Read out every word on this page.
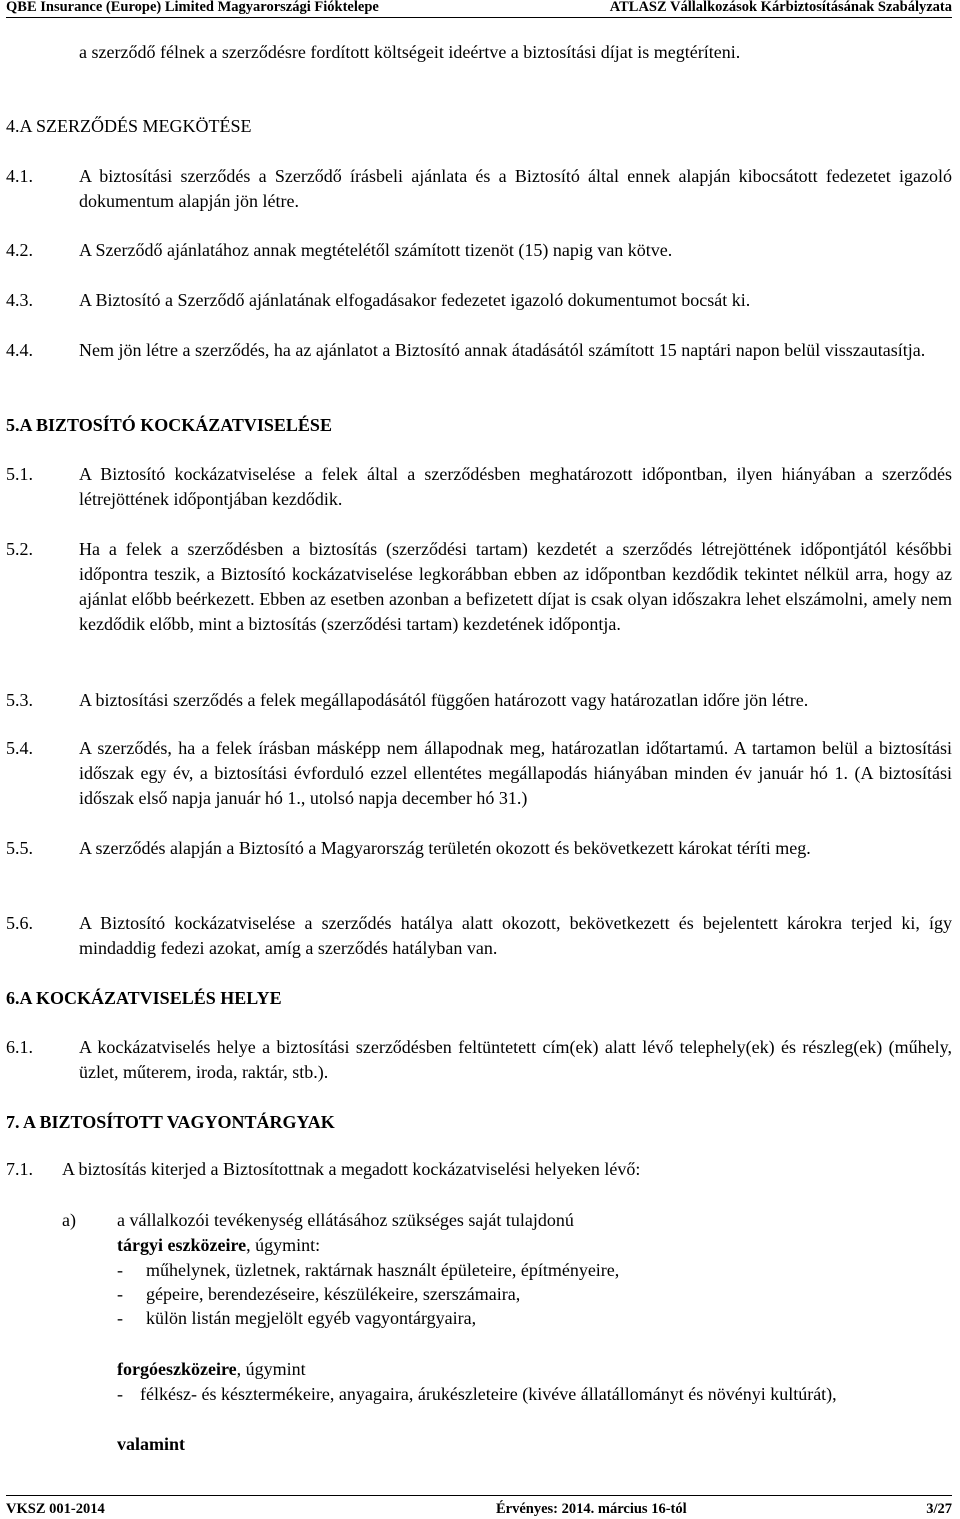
QBE Insurance (Europe) Limited Magyarországi Fióktelepe	ATLASZ Vállalkozások Kárbiztosításának Szabályzata
a szerződő félnek a szerződésre fordított költségeit ideértve a biztosítási díjat is megtéríteni.
4.A SZERZŐDÉS MEGKÖTÉSE
4.1.	A biztosítási szerződés a Szerződő írásbeli ajánlata és a Biztosító által ennek alapján kibocsátott fedezetet igazoló dokumentum alapján jön létre.
4.2.	A Szerződő ajánlatához annak megtételétől számított tizenöt (15) napig van kötve.
4.3.	A Biztosító a Szerződő ajánlatának elfogadásakor fedezetet igazoló dokumentumot bocsát ki.
4.4.	Nem jön létre a szerződés, ha az ajánlatot a Biztosító annak átadásától számított 15 naptári napon belül visszautasítja.
5.A BIZTOSÍTÓ KOCKÁZATVISELÉSE
5.1.	A Biztosító kockázatviselése a felek által a szerződésben meghatározott időpontban, ilyen hiányában a szerződés létrejöttének időpontjában kezdődik.
5.2.	Ha a felek a szerződésben a biztosítás (szerződési tartam) kezdetét a szerződés létrejöttének időpontjától későbbi időpontra teszik, a Biztosító kockázatviselése legkorábban ebben az időpontban kezdődik tekintet nélkül arra, hogy az ajánlat előbb beérkezett. Ebben az esetben azonban a befizetett díjat is csak olyan időszakra lehet elszámolni, amely nem kezdődik előbb, mint a biztosítás (szerződési tartam) kezdetének időpontja.
5.3.	A biztosítási szerződés a felek megállapodásától függően határozott vagy határozatlan időre jön létre.
5.4.	A szerződés, ha a felek írásban másképp nem állapodnak meg, határozatlan időtartamú. A tartamon belül a biztosítási időszak egy év, a biztosítási évforduló ezzel ellentétes megállapodás hiányában minden év január hó 1. (A biztosítási időszak első napja január hó 1., utolsó napja december hó 31.)
5.5.	A szerződés alapján a Biztosító a Magyarország területén okozott és bekövetkezett károkat téríti meg.
5.6.	A Biztosító kockázatviselése a szerződés hatálya alatt okozott, bekövetkezett és bejelentett károkra terjed ki, így mindaddig fedezi azokat, amíg a szerződés hatályban van.
6.A KOCKÁZATVISELÉS HELYE
6.1.	A kockázatviselés helye a biztosítási szerződésben feltüntetett cím(ek) alatt lévő telephely(ek) és részleg(ek) (műhely, üzlet, műterem, iroda, raktár, stb.).
7. A BIZTOSÍTOTT VAGYONTÁRGYAK
7.1. A biztosítás kiterjed a Biztosítottnak a megadott kockázatviselési helyeken lévő:
a) a vállalkozói tevékenység ellátásához szükséges saját tulajdonú
tárgyi eszközeire, úgymint:
- műhelynek, üzletnek, raktárnak használt épületeire, építményeire,
- gépeire, berendezéseire, készülékeire, szerszámaira,
- külön listán megjelölt egyéb vagyontárgyaira,
forgóeszközeire, úgymint
- félkész- és késztermékeire, anyagaira, árukészleteire (kivéve állatállományt és növényi kultúrát),
valamint
VKSZ 001-2014	Érvényes: 2014. március 16-tól	3/27
